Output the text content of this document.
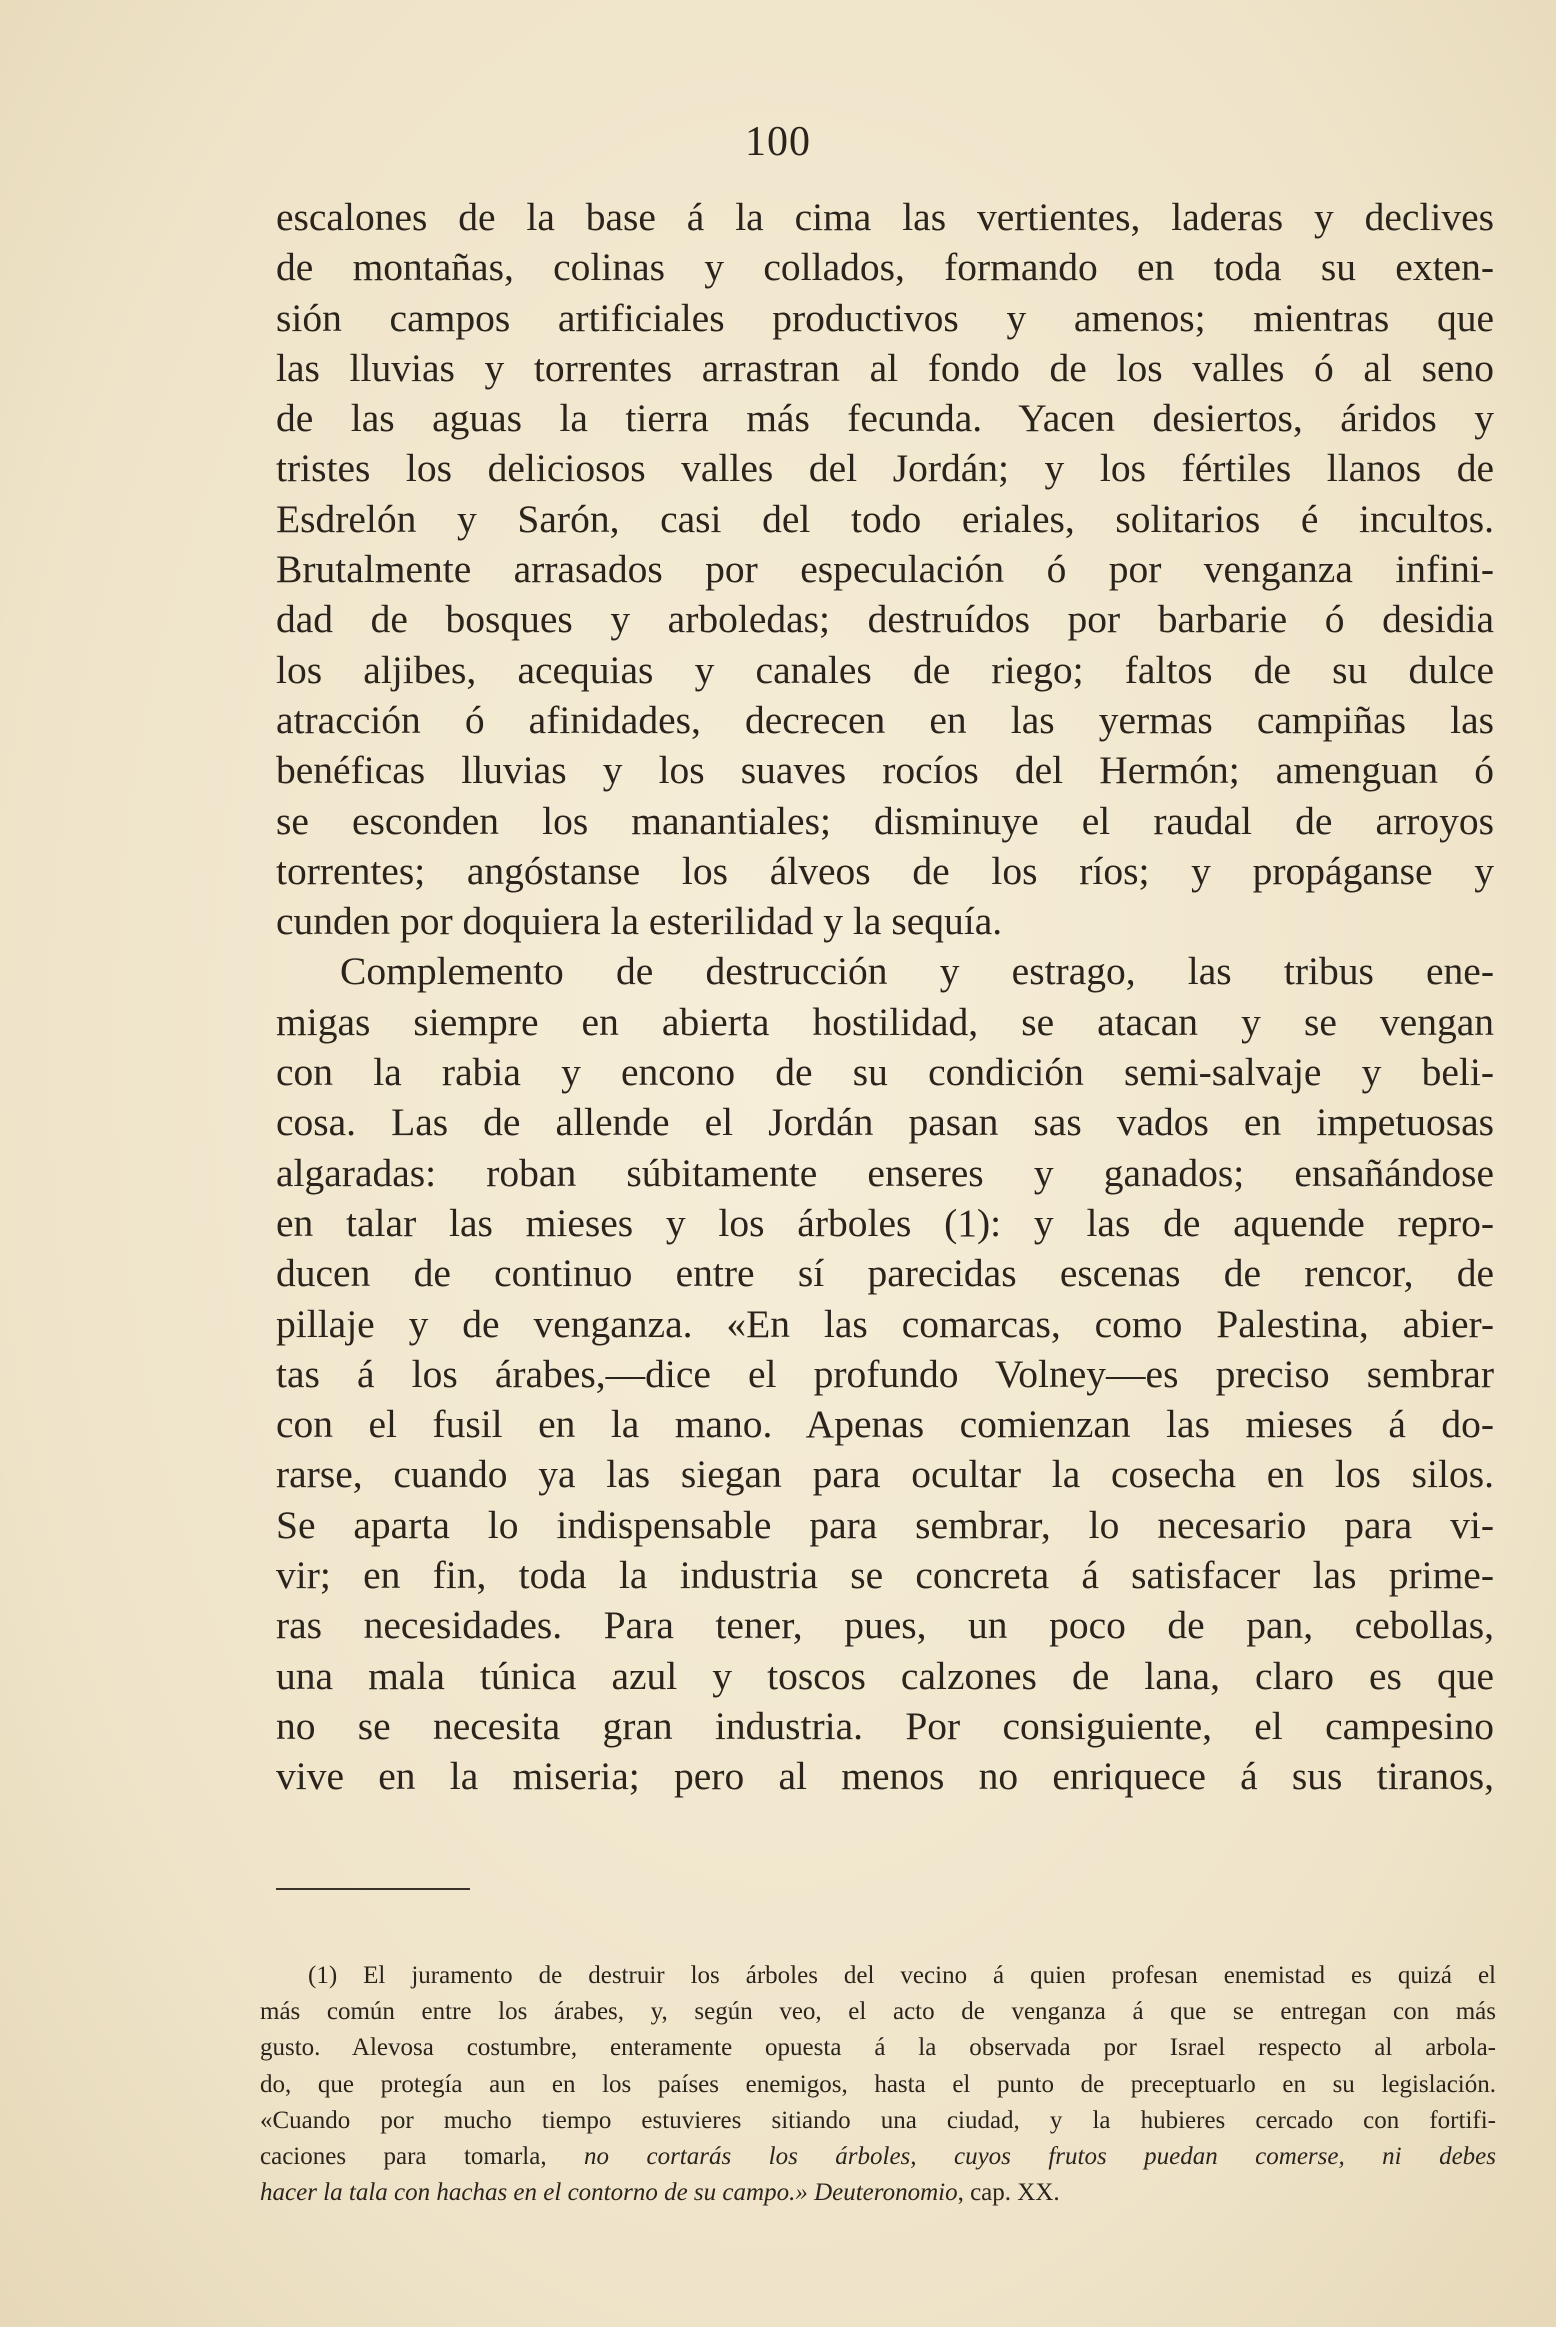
100
escalones de la base á la cima las vertientes, laderas y declives
de montañas, colinas y collados, formando en toda su exten-
sión campos artificiales productivos y amenos; mientras que
las lluvias y torrentes arrastran al fondo de los valles ó al seno
de las aguas la tierra más fecunda. Yacen desiertos, áridos y
tristes los deliciosos valles del Jordán; y los fértiles llanos de
Esdrelón y Sarón, casi del todo eriales, solitarios é incultos.
Brutalmente arrasados por especulación ó por venganza infini-
dad de bosques y arboledas; destruídos por barbarie ó desidia
los aljibes, acequias y canales de riego; faltos de su dulce
atracción ó afinidades, decrecen en las yermas campiñas las
benéficas lluvias y los suaves rocíos del Hermón; amenguan ó
se esconden los manantiales; disminuye el raudal de arroyos
torrentes; angóstanse los álveos de los ríos; y propáganse y
cunden por doquiera la esterilidad y la sequía.
Complemento de destrucción y estrago, las tribus ene-
migas siempre en abierta hostilidad, se atacan y se vengan
con la rabia y encono de su condición semi-salvaje y beli-
cosa. Las de allende el Jordán pasan sas vados en impetuosas
algaradas: roban súbitamente enseres y ganados; ensañándose
en talar las mieses y los árboles (1): y las de aquende repro-
ducen de continuo entre sí parecidas escenas de rencor, de
pillaje y de venganza. «En las comarcas, como Palestina, abier-
tas á los árabes,—dice el profundo Volney—es preciso sembrar
con el fusil en la mano. Apenas comienzan las mieses á do-
rarse, cuando ya las siegan para ocultar la cosecha en los silos.
Se aparta lo indispensable para sembrar, lo necesario para vi-
vir; en fin, toda la industria se concreta á satisfacer las prime-
ras necesidades. Para tener, pues, un poco de pan, cebollas,
una mala túnica azul y toscos calzones de lana, claro es que
no se necesita gran industria. Por consiguiente, el campesino
vive en la miseria; pero al menos no enriquece á sus tiranos,
(1) El juramento de destruir los árboles del vecino á quien profesan enemistad es quizá el
más común entre los árabes, y, según veo, el acto de venganza á que se entregan con más
gusto. Alevosa costumbre, enteramente opuesta á la observada por Israel respecto al arbola-
do, que protegía aun en los países enemigos, hasta el punto de preceptuarlo en su legislación.
«Cuando por mucho tiempo estuvieres sitiando una ciudad, y la hubieres cercado con fortifi-
caciones para tomarla, no cortarás los árboles, cuyos frutos puedan comerse, ni debes
hacer la tala con hachas en el contorno de su campo.» Deuteronomio, cap. XX.
